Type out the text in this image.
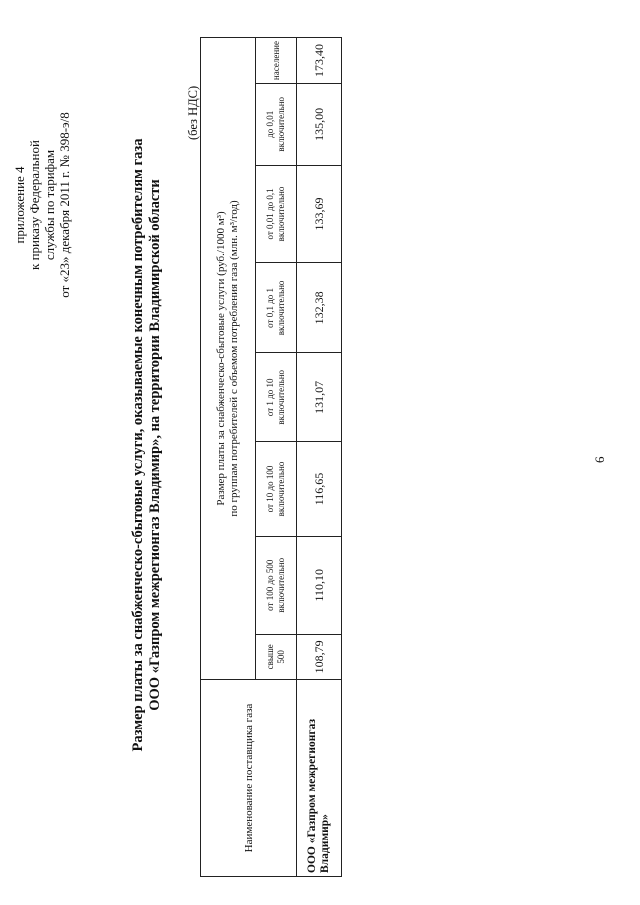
приложение 4 к приказу Федеральной службы по тарифам от «23» декабря 2011 г. № 398-э/8	Размер платы за снабженческо-сбытовые услуги, оказываемые конечным потребителям газа ООО «Газпром межрегионгаз Владимир», на территории Владимирской области
(без НДС)
Наименование поставщика газа	Размер платы за снабженческо-сбытовые услуги (руб./1000 м³) по группам потребителей с объемом потребления газа (млн. м³/год)							

	свыше 500	от 100 до 500 включительно	от 10 до 100 включительно	от 1 до 10 включительно	от 0,1 до 1 включительно	от 0,01 до 0,1 включительно	до 0,01 включительно	население
ООО «Газпром межрегионгаз Владимир»	108,79	110,10	116,65	131,07	132,38	133,69	135,00	173,40
6
